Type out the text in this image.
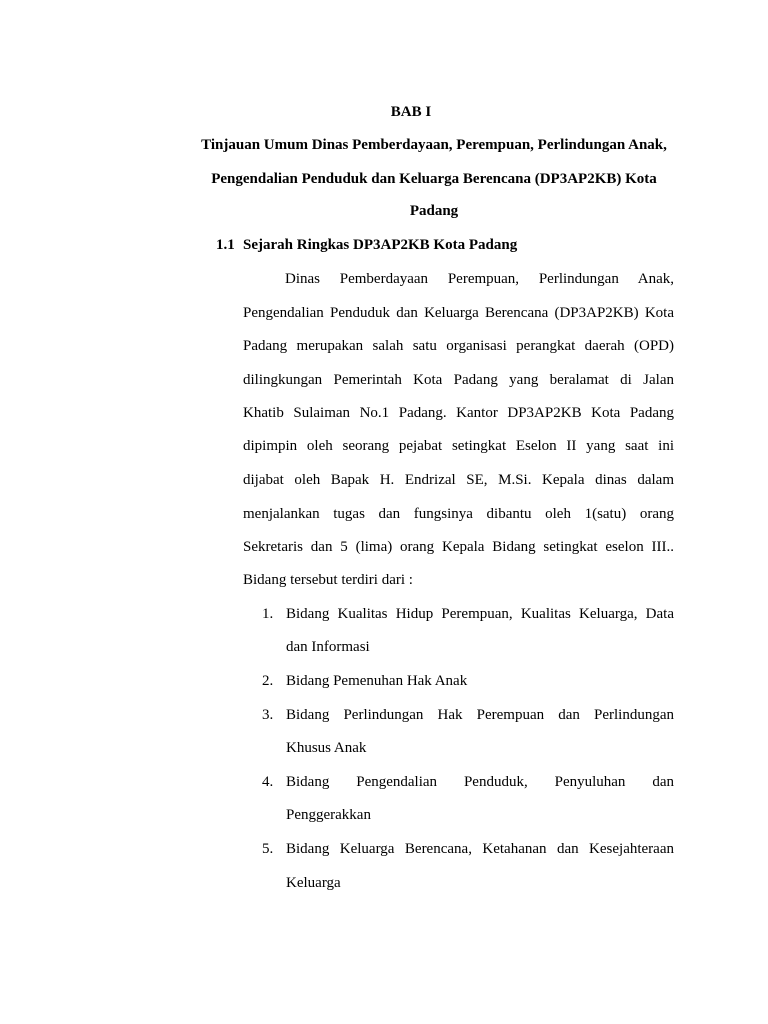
BAB I
Tinjauan Umum Dinas Pemberdayaan, Perempuan, Perlindungan Anak,
Pengendalian Penduduk dan Keluarga Berencana (DP3AP2KB) Kota
Padang
1.1 Sejarah Ringkas DP3AP2KB Kota Padang
Dinas Pemberdayaan Perempuan, Perlindungan Anak,
Pengendalian Penduduk dan Keluarga Berencana (DP3AP2KB) Kota
Padang merupakan salah satu organisasi perangkat daerah (OPD)
dilingkungan Pemerintah Kota Padang yang beralamat di Jalan
Khatib Sulaiman No.1 Padang. Kantor DP3AP2KB Kota Padang
dipimpin oleh seorang pejabat setingkat Eselon II yang saat ini
dijabat oleh Bapak H. Endrizal SE, M.Si. Kepala dinas dalam
menjalankan tugas dan fungsinya dibantu oleh 1(satu) orang
Sekretaris dan 5 (lima) orang Kepala Bidang setingkat eselon III..
Bidang tersebut terdiri dari :
1. Bidang Kualitas Hidup Perempuan, Kualitas Keluarga, Data
dan Informasi
2. Bidang Pemenuhan Hak Anak
3. Bidang Perlindungan Hak Perempuan dan Perlindungan
Khusus Anak
4. Bidang Pengendalian Penduduk, Penyuluhan dan
Penggerakkan
5. Bidang Keluarga Berencana, Ketahanan dan Kesejahteraan
Keluarga
